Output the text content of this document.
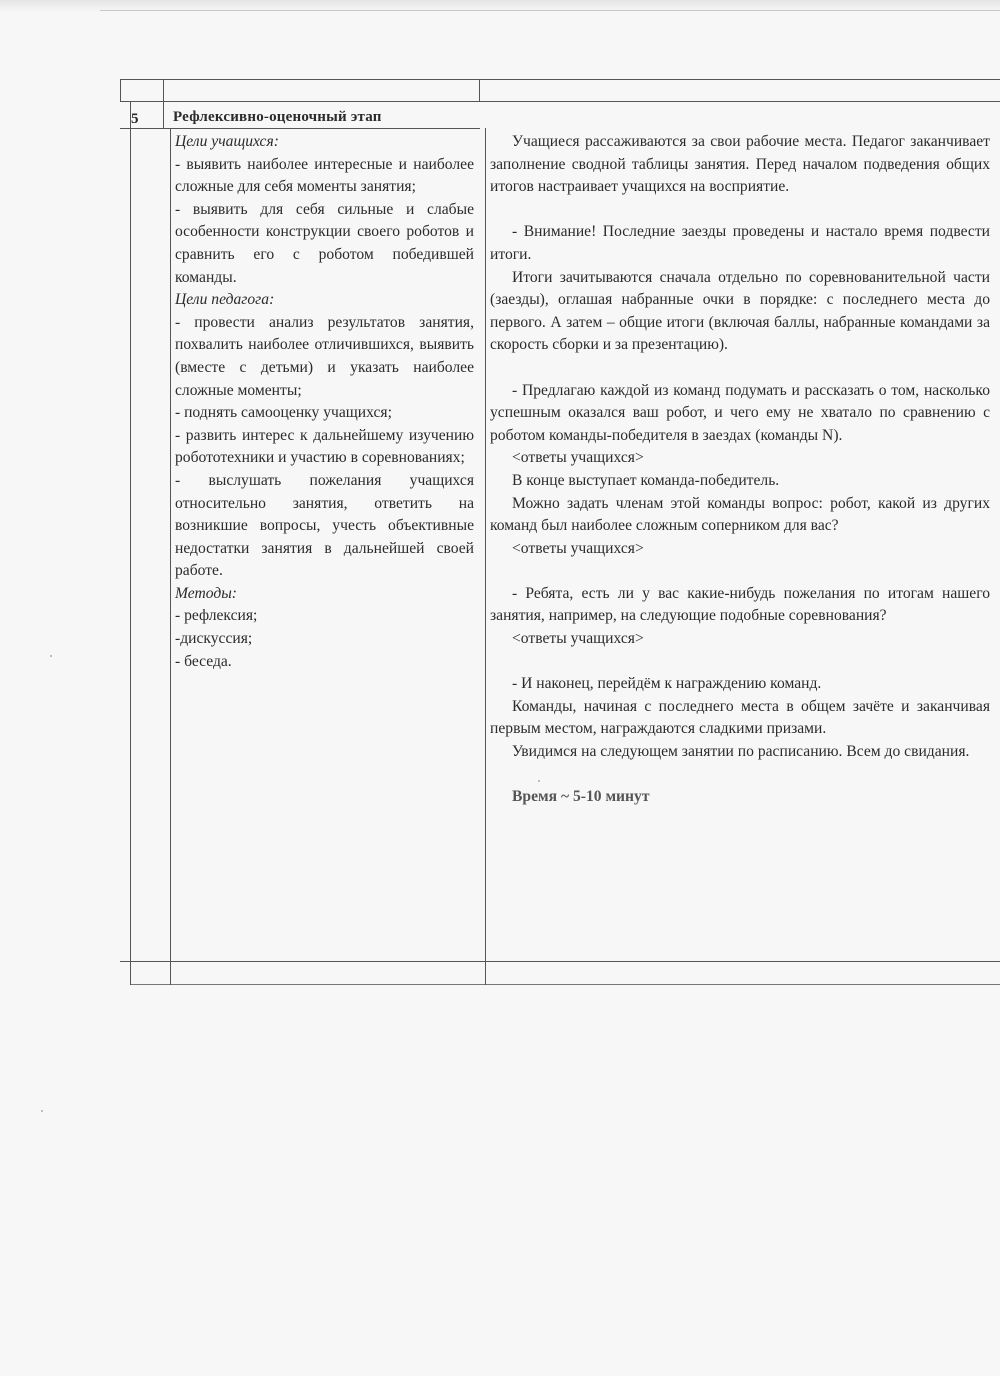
5	Рефлексивно-оценочный этап

Цели учащихся:

- выявить наиболее интересные и наиболее сложные для себя моменты занятия;

- выявить для себя сильные и слабые особенности конструкции своего роботов и сравнить его с роботом победившей команды.

Цели педагога:

- провести анализ результатов занятия, похвалить наиболее отличившихся, выявить (вместе с детьми) и указать наиболее сложные моменты;

- поднять самооценку учащихся;

- развить интерес к дальнейшему изучению робототехники и участию в соревнованиях;

- выслушать пожелания учащихся относительно занятия, ответить на возникшие вопросы, учесть объективные недостатки занятия в дальнейшей своей работе.

Методы:

- рефлексия;

-дискуссия;

- беседа.

Учащиеся рассаживаются за свои рабочие места. Педагог заканчивает заполнение сводной таблицы занятия. Перед началом подведения общих итогов настраивает учащихся на восприятие.

- Внимание! Последние заезды проведены и настало время подвести итоги.

Итоги зачитываются сначала отдельно по соревнованительной части (заезды), оглашая набранные очки в порядке: с последнего места до первого. А затем – общие итоги (включая баллы, набранные командами за скорость сборки и за презентацию).

- Предлагаю каждой из команд подумать и рассказать о том, насколько успешным оказался ваш робот, и чего ему не хватало по сравнению с роботом команды-победителя в заездах (команды N).

<ответы учащихся>

В конце выступает команда-победитель.

Можно задать членам этой команды вопрос: робот, какой из других команд был наиболее сложным соперником для вас?

<ответы учащихся>

- Ребята, есть ли у вас какие-нибудь пожелания по итогам нашего занятия, например, на следующие подобные соревнования?

<ответы учащихся>

- И наконец, перейдём к награждению команд.

Команды, начиная с последнего места в общем зачёте и заканчивая первым местом, награждаются сладкими призами.

Увидимся на следующем занятии по расписанию. Всем до свидания.

Время ~ 5-10 минут
